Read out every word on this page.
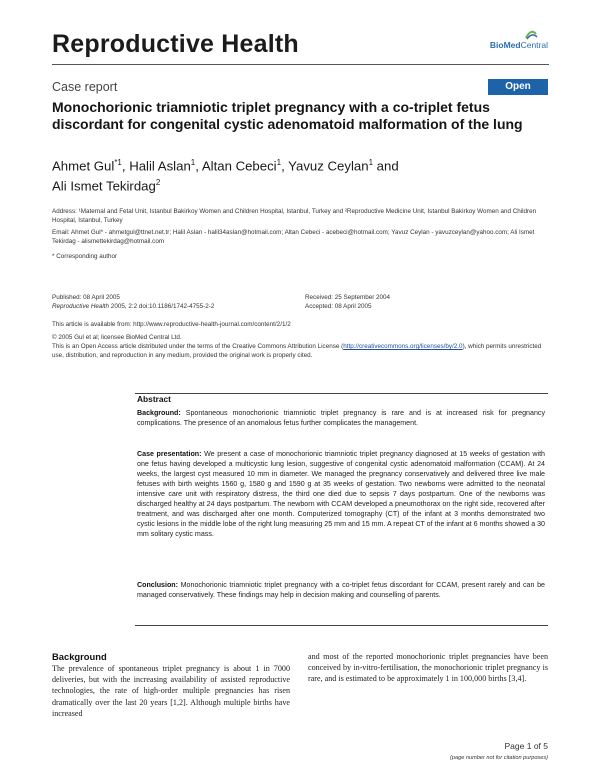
Reproductive Health	BioMedCentral
Case report	Open Access
Monochorionic triamniotic triplet pregnancy with a co-triplet fetus discordant for congenital cystic adenomatoid malformation of the lung
Ahmet Gul$^{*1}$, Halil Aslan$^1$, Altan Cebeci$^1$, Yavuz Ceylan$^1$ and
Ali Ismet Tekirdag$^2$
Address: ¹Maternal and Fetal Unit, Istanbul Bakirkoy Women and Children Hospital, Istanbul, Turkey and ²Reproductive Medicine Unit, Istanbul Bakirkoy Women and Children Hospital, Istanbul, Turkey
Email: Ahmet Gul* - ahmetgul@ttnet.net.tr; Halil Aslan - halil34aslan@hotmail.com; Altan Cebeci - acebeci@hotmail.com; Yavuz Ceylan - yavuzceylan@yahoo.com; Ali Ismet Tekirdag - alismettekirdag@hotmail.com
* Corresponding author
Published: 08 April 2005
Reproductive Health 2005, 2:2 doi:10.1186/1742-4755-2-2
Received: 25 September 2004
Accepted: 08 April 2005
This article is available from: http://www.reproductive-health-journal.com/content/2/1/2
© 2005 Gul et al; licensee BioMed Central Ltd.
This is an Open Access article distributed under the terms of the Creative Commons Attribution License (http://creativecommons.org/licenses/by/2.0), which permits unrestricted use, distribution, and reproduction in any medium, provided the original work is properly cited.
Abstract
Background: Spontaneous monochorionic triamniotic triplet pregnancy is rare and is at increased risk for pregnancy complications. The presence of an anomalous fetus further complicates the management.
Case presentation: We present a case of monochorionic triamniotic triplet pregnancy diagnosed at 15 weeks of gestation with one fetus having developed a multicystic lung lesion, suggestive of congenital cystic adenomatoid malformation (CCAM). At 24 weeks, the largest cyst measured 10 mm in diameter. We managed the pregnancy conservatively and delivered three live male fetuses with birth weights 1560 g, 1580 g and 1590 g at 35 weeks of gestation. Two newborns were admitted to the neonatal intensive care unit with respiratory distress, the third one died due to sepsis 7 days postpartum. One of the newborns was discharged healthy at 24 days postpartum. The newborn with CCAM developed a pneumothorax on the right side, recovered after treatment, and was discharged after one month. Computerized tomography (CT) of the infant at 3 months demonstrated two cystic lesions in the middle lobe of the right lung measuring 25 mm and 15 mm. A repeat CT of the infant at 6 months showed a 30 mm solitary cystic mass.
Conclusion: Monochorionic triamniotic triplet pregnancy with a co-triplet fetus discordant for CCAM, present rarely and can be managed conservatively. These findings may help in decision making and counselling of parents.
Background
The prevalence of spontaneous triplet pregnancy is about 1 in 7000 deliveries, but with the increasing availability of assisted reproductive technologies, the rate of high-order multiple pregnancies has risen dramatically over the last 20 years [1,2]. Although multiple births have increased
and most of the reported monochorionic triplet pregnancies have been conceived by in-vitro-fertilisation, the monochorionic triplet pregnancy is rare, and is estimated to be approximately 1 in 100,000 births [3,4].
Page 1 of 5
(page number not for citation purposes)
